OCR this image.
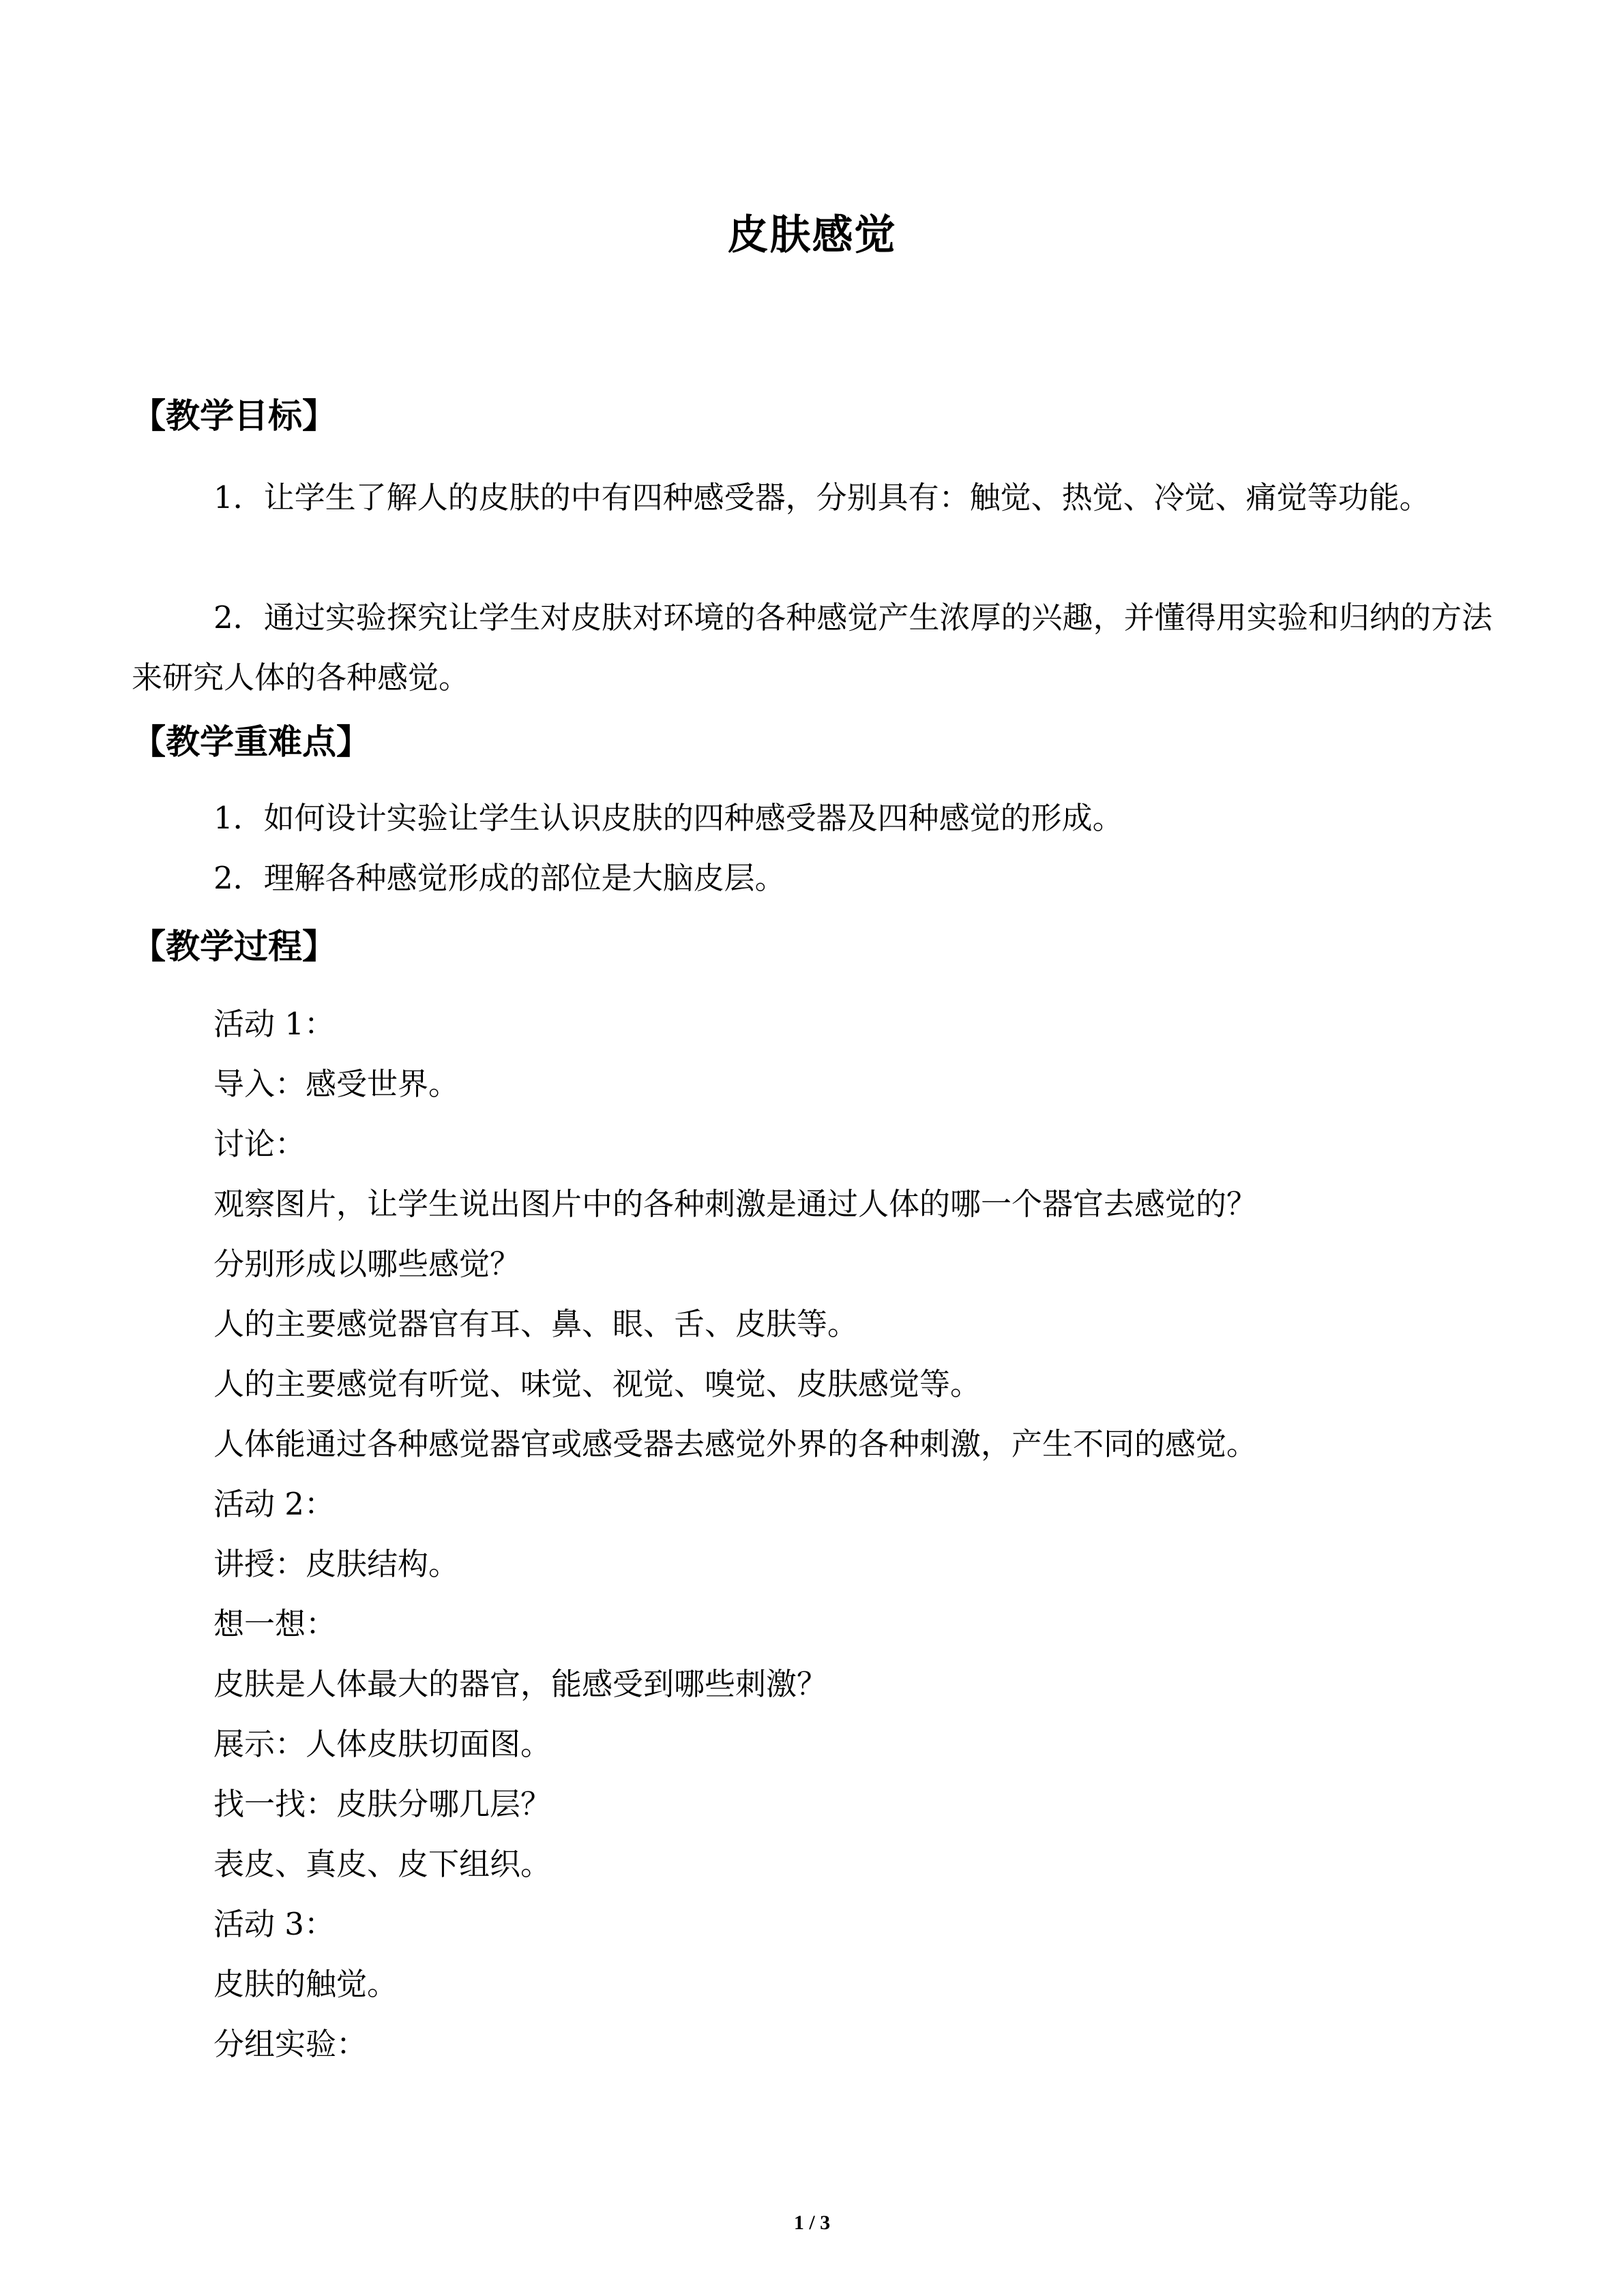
皮肤感觉
【教学目标】
1．让学生了解人的皮肤的中有四种感受器，分别具有：触觉、热觉、冷觉、痛觉等功能。
2．通过实验探究让学生对皮肤对环境的各种感觉产生浓厚的兴趣，并懂得用实验和归纳的方法来研究人体的各种感觉。
【教学重难点】
1．如何设计实验让学生认识皮肤的四种感受器及四种感觉的形成。
2．理解各种感觉形成的部位是大脑皮层。
【教学过程】
活动 1：
导入：感受世界。
讨论：
观察图片，让学生说出图片中的各种刺激是通过人体的哪一个器官去感觉的？
分别形成以哪些感觉？
人的主要感觉器官有耳、鼻、眼、舌、皮肤等。
人的主要感觉有听觉、味觉、视觉、嗅觉、皮肤感觉等。
人体能通过各种感觉器官或感受器去感觉外界的各种刺激，产生不同的感觉。
活动 2：
讲授：皮肤结构。
想一想：
皮肤是人体最大的器官，能感受到哪些刺激？
展示：人体皮肤切面图。
找一找：皮肤分哪几层？
表皮、真皮、皮下组织。
活动 3：
皮肤的触觉。
分组实验：
1 / 3
